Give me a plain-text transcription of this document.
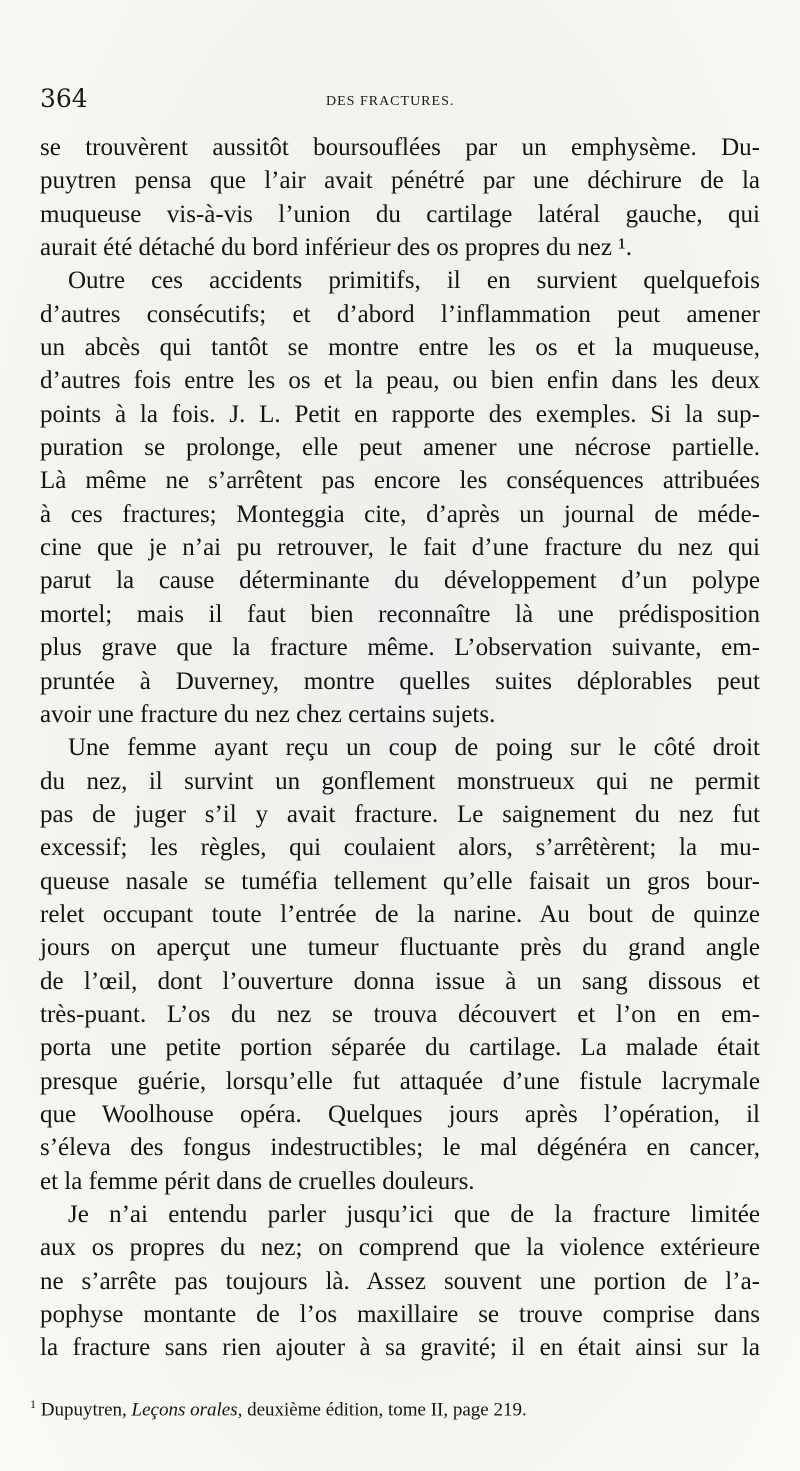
364	DES FRACTURES.
se trouvèrent aussitôt boursouflées par un emphysème. Du-
puytren pensa que l’air avait pénétré par une déchirure de la
muqueuse vis-à-vis l’union du cartilage latéral gauche, qui
aurait été détaché du bord inférieur des os propres du nez ¹.
Outre ces accidents primitifs, il en survient quelquefois
d’autres consécutifs; et d’abord l’inflammation peut amener
un abcès qui tantôt se montre entre les os et la muqueuse,
d’autres fois entre les os et la peau, ou bien enfin dans les deux
points à la fois. J. L. Petit en rapporte des exemples. Si la sup-
puration se prolonge, elle peut amener une nécrose partielle.
Là même ne s’arrêtent pas encore les conséquences attribuées
à ces fractures; Monteggia cite, d’après un journal de méde-
cine que je n’ai pu retrouver, le fait d’une fracture du nez qui
parut la cause déterminante du développement d’un polype
mortel; mais il faut bien reconnaître là une prédisposition
plus grave que la fracture même. L’observation suivante, em-
pruntée à Duverney, montre quelles suites déplorables peut
avoir une fracture du nez chez certains sujets.
Une femme ayant reçu un coup de poing sur le côté droit
du nez, il survint un gonflement monstrueux qui ne permit
pas de juger s’il y avait fracture. Le saignement du nez fut
excessif; les règles, qui coulaient alors, s’arrêtèrent; la mu-
queuse nasale se tuméfia tellement qu’elle faisait un gros bour-
relet occupant toute l’entrée de la narine. Au bout de quinze
jours on aperçut une tumeur fluctuante près du grand angle
de l’œil, dont l’ouverture donna issue à un sang dissous et
très-puant. L’os du nez se trouva découvert et l’on en em-
porta une petite portion séparée du cartilage. La malade était
presque guérie, lorsqu’elle fut attaquée d’une fistule lacrymale
que Woolhouse opéra. Quelques jours après l’opération, il
s’éleva des fongus indestructibles; le mal dégénéra en cancer,
et la femme périt dans de cruelles douleurs.
Je n’ai entendu parler jusqu’ici que de la fracture limitée
aux os propres du nez; on comprend que la violence extérieure
ne s’arrête pas toujours là. Assez souvent une portion de l’a-
pophyse montante de l’os maxillaire se trouve comprise dans
la fracture sans rien ajouter à sa gravité; il en était ainsi sur la
$^1$ Dupuytren, Leçons orales, deuxième édition, tome II, page 219.
